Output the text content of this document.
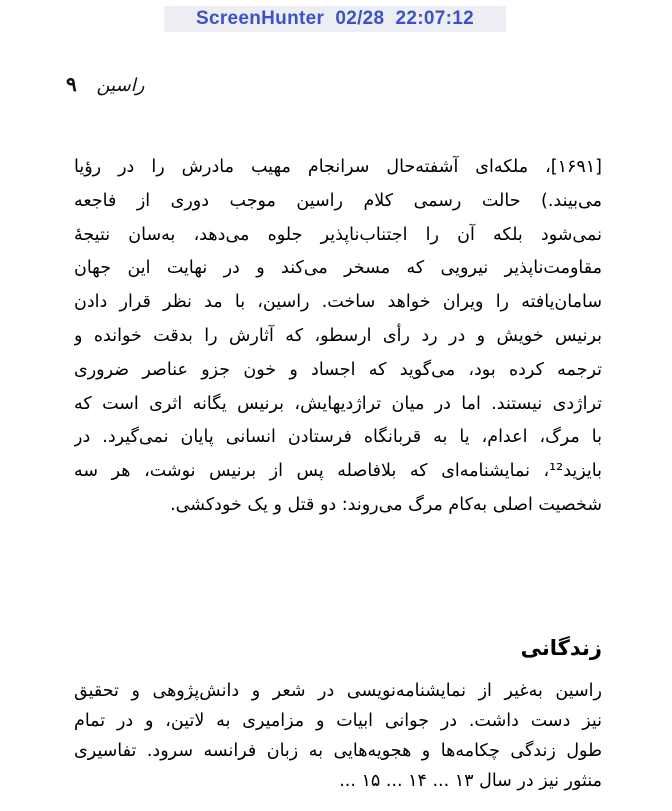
ScreenHunter  02/28  22:07:12
راسین ۹
[۱۶۹۱]، ملکه‌ای آشفته‌حال سرانجام مهیب مادرش را در رؤیا
می‌بیند.) حالت رسمی کلام راسین موجب دوری از فاجعه
نمی‌شود بلکه آن را اجتناب‌ناپذیر جلوه می‌دهد، به‌سان نتیجهٔ
مقاومت‌ناپذیر نیرویی که مسخر می‌کند و در نهایت این جهان
سامان‌یافته را ویران خواهد ساخت. راسین، با مد نظر قرار دادن
برنیس خویش و در رد رأی ارسطو، که آثارش را بدقت خوانده و
ترجمه کرده بود، می‌گوید که اجساد و خون جزو عناصر ضروری
تراژدی نیستند. اما در میان تراژدیهایش، برنیس یگانه اثری است که
با مرگ، اعدام، یا به قربانگاه فرستادن انسانی پایان نمی‌گیرد. در
بایزید¹²، نمایشنامه‌ای که بلافاصله پس از برنیس نوشت، هر سه
شخصیت اصلی به‌کام مرگ می‌روند: دو قتل و یک خودکشی.
زندگانی
راسین به‌غیر از نمایشنامه‌نویسی در شعر و دانش‌پژوهی و تحقیق
نیز دست داشت. در جوانی ابیات و مزامیری به لاتین، و در تمام
طول زندگی چکامه‌ها و هجویه‌هایی به زبان فرانسه سرود. تفاسیری
منثور نیز در سال ۱۳ ... ۱۴ ... ۱۵ ...
